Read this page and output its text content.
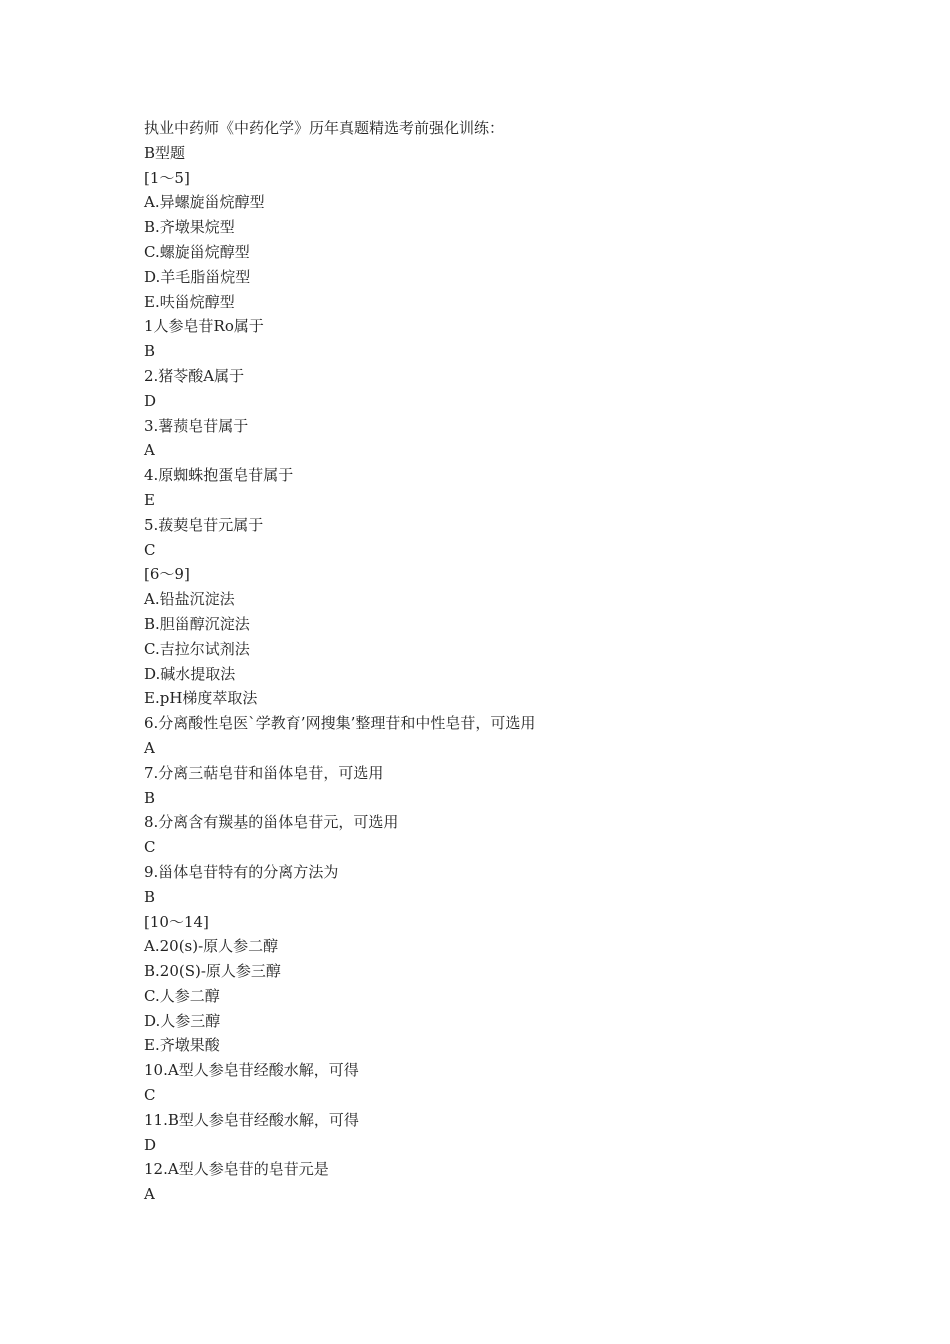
执业中药师《中药化学》历年真题精选考前强化训练：

B型题

[1～5]

A.异螺旋甾烷醇型

B.齐墩果烷型

C.螺旋甾烷醇型

D.羊毛脂甾烷型

E.呋甾烷醇型

1人参皂苷Ro属于

B

2.猪苓酸A属于

D

3.薯蓣皂苷属于

A

4.原蜘蛛抱蛋皂苷属于

E

5.菝葜皂苷元属于

C

[6～9]

A.铅盐沉淀法

B.胆甾醇沉淀法

C.吉拉尔试剂法

D.碱水提取法

E.pH梯度萃取法

6.分离酸性皂医`学教育’网搜集’整理苷和中性皂苷，可选用

A

7.分离三萜皂苷和甾体皂苷，可选用

B

8.分离含有羰基的甾体皂苷元，可选用

C

9.甾体皂苷特有的分离方法为

B

[10～14]

A.20(s)-原人参二醇

B.20(S)-原人参三醇

C.人参二醇

D.人参三醇

E.齐墩果酸

10.A型人参皂苷经酸水解，可得

C

11.B型人参皂苷经酸水解，可得

D

12.A型人参皂苷的皂苷元是

A
